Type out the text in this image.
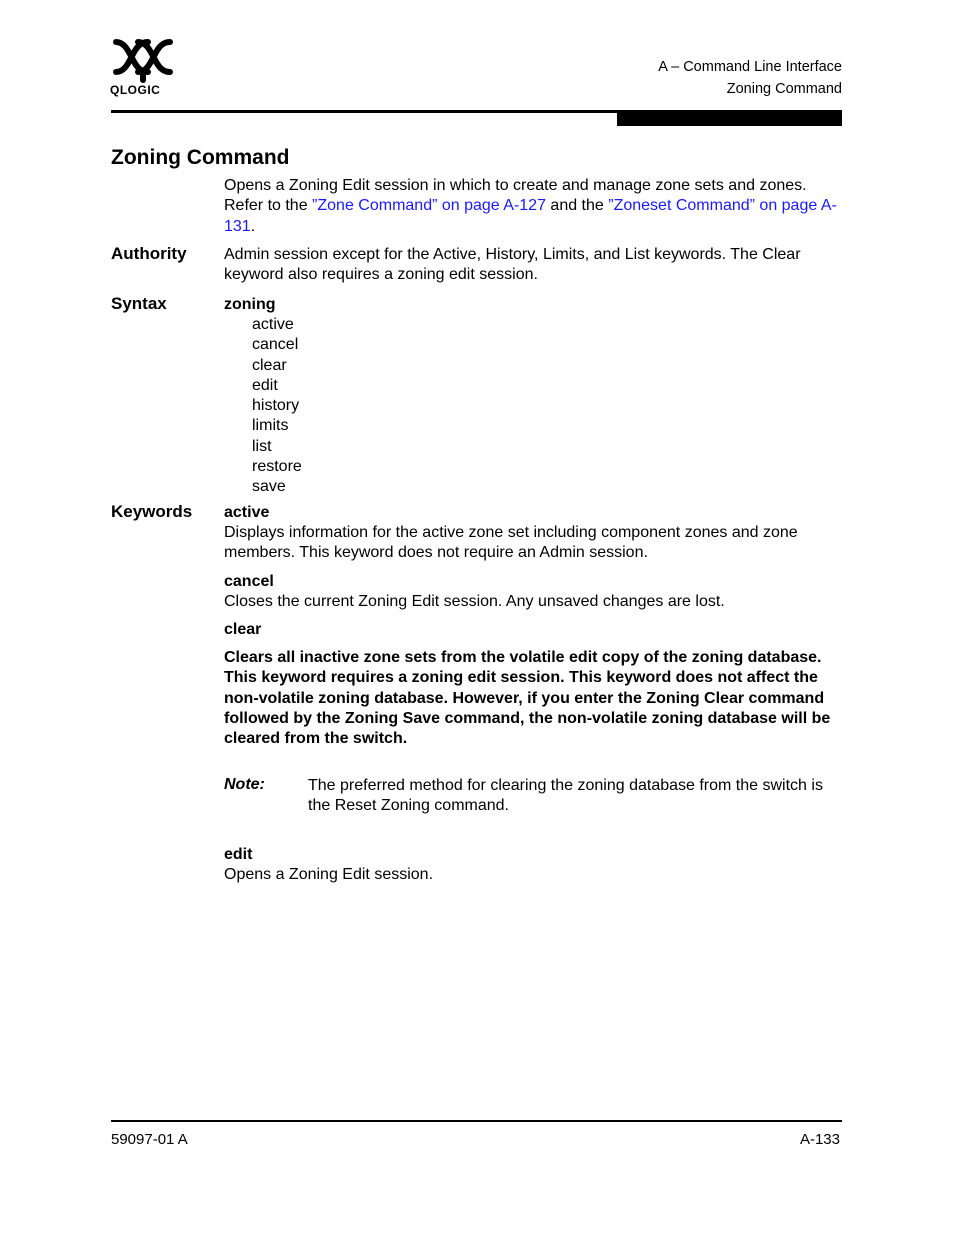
QLOGIC
A – Command Line Interface
Zoning Command
Zoning Command
Opens a Zoning Edit session in which to create and manage zone sets and zones. Refer to the ”Zone Command” on page A-127 and the ”Zoneset Command” on page A-131.
Authority Admin session except for the Active, History, Limits, and List keywords. The Clear keyword also requires a zoning edit session.
Syntax	zoning
active
cancel
clear
edit
history
limits
list
restore
save
Keywords active
Displays information for the active zone set including component zones and zone members. This keyword does not require an Admin session.
cancel
Closes the current Zoning Edit session. Any unsaved changes are lost.
clear
Clears all inactive zone sets from the volatile edit copy of the zoning database. This keyword requires a zoning edit session. This keyword does not affect the non-volatile zoning database. However, if you enter the Zoning Clear command followed by the Zoning Save command, the non-volatile zoning database will be cleared from the switch.
Note:	The preferred method for clearing the zoning database from the switch is the Reset Zoning command.
edit
Opens a Zoning Edit session.
59097-01 A	A-133
